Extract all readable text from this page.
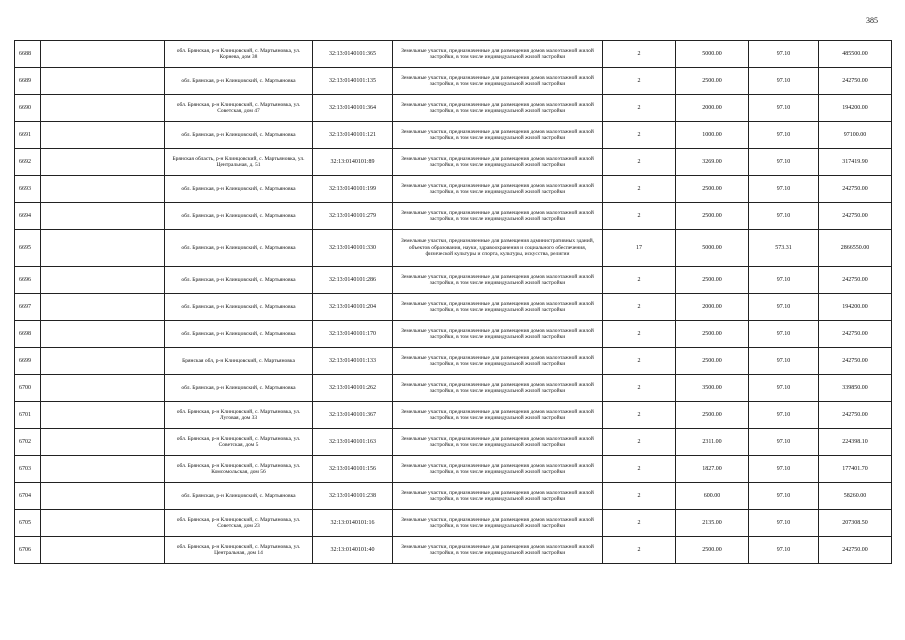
385
6688		обл. Брянская, р-н Клинцовский, с. Мартьяновка, ул. Корнева, дом 38	32:13:0140101:365	Земельные участки, предназначенные для размещения домов малоэтажной жилой застройки, в том числе индивидуальной жилой застройки	2	5000.00	97.10	485500.00
6689		обл. Брянская, р-н Клинцовский, с. Мартьяновка	32:13:0140101:135	Земельные участки, предназначенные для размещения домов малоэтажной жилой застройки, в том числе индивидуальной жилой застройки	2	2500.00	97.10	242750.00
6690		обл. Брянская, р-н Клинцовский, с. Мартьяновка, ул. Советская, дом 47	32:13:0140101:364	Земельные участки, предназначенные для размещения домов малоэтажной жилой застройки, в том числе индивидуальной жилой застройки	2	2000.00	97.10	194200.00
6691		обл. Брянская, р-н Клинцовский, с. Мартьяновка	32:13:0140101:121	Земельные участки, предназначенные для размещения домов малоэтажной жилой застройки, в том числе индивидуальной жилой застройки	2	1000.00	97.10	97100.00
6692		Брянская область, р-н Клинцовский, с. Мартьяновка, ул. Центральная, д. 51	32:13:0140101:89	Земельные участки, предназначенные для размещения домов малоэтажной жилой застройки, в том числе индивидуальной жилой застройки	2	3269.00	97.10	317419.90
6693		обл. Брянская, р-н Клинцовский, с. Мартьяновка	32:13:0140101:199	Земельные участки, предназначенные для размещения домов малоэтажной жилой застройки, в том числе индивидуальной жилой застройки	2	2500.00	97.10	242750.00
6694		обл. Брянская, р-н Клинцовский, с. Мартьяновка	32:13:0140101:279	Земельные участки, предназначенные для размещения домов малоэтажной жилой застройки, в том числе индивидуальной жилой застройки	2	2500.00	97.10	242750.00
6695		обл. Брянская, р-н Клинцовский, с. Мартьяновка	32:13:0140101:330	Земельные участки, предназначенные для размещения административных зданий, объектов образования, науки, здравоохранения и социального обеспечения, физической культуры и спорта, культуры, искусства, религии	17	5000.00	573.31	2866550.00
6696		обл. Брянская, р-н Клинцовский, с. Мартьяновка	32:13:0140101:286	Земельные участки, предназначенные для размещения домов малоэтажной жилой застройки, в том числе индивидуальной жилой застройки	2	2500.00	97.10	242750.00
6697		обл. Брянская, р-н Клинцовский, с. Мартьяновка	32:13:0140101:204	Земельные участки, предназначенные для размещения домов малоэтажной жилой застройки, в том числе индивидуальной жилой застройки	2	2000.00	97.10	194200.00
6698		обл. Брянская, р-н Клинцовский, с. Мартьяновка	32:13:0140101:170	Земельные участки, предназначенные для размещения домов малоэтажной жилой застройки, в том числе индивидуальной жилой застройки	2	2500.00	97.10	242750.00
6699		Брянская обл, р-н Клинцовский, с. Мартьяновка	32:13:0140101:133	Земельные участки, предназначенные для размещения домов малоэтажной жилой застройки, в том числе индивидуальной жилой застройки	2	2500.00	97.10	242750.00
6700		обл. Брянская, р-н Клинцовский, с. Мартьяновка	32:13:0140101:262	Земельные участки, предназначенные для размещения домов малоэтажной жилой застройки, в том числе индивидуальной жилой застройки	2	3500.00	97.10	339850.00
6701		обл. Брянская, р-н Клинцовский, с. Мартьяновка, ул. Луговая, дом 33	32:13:0140101:367	Земельные участки, предназначенные для размещения домов малоэтажной жилой застройки, в том числе индивидуальной жилой застройки	2	2500.00	97.10	242750.00
6702		обл. Брянская, р-н Клинцовский, с. Мартьяновка, ул. Советская, дом 5	32:13:0140101:163	Земельные участки, предназначенные для размещения домов малоэтажной жилой застройки, в том числе индивидуальной жилой застройки	2	2311.00	97.10	224398.10
6703		обл. Брянская, р-н Клинцовский, с. Мартьяновка, ул. Комсомольская, дом 56	32:13:0140101:156	Земельные участки, предназначенные для размещения домов малоэтажной жилой застройки, в том числе индивидуальной жилой застройки	2	1827.00	97.10	177401.70
6704		обл. Брянская, р-н Клинцовский, с. Мартьяновка	32:13:0140101:238	Земельные участки, предназначенные для размещения домов малоэтажной жилой застройки, в том числе индивидуальной жилой застройки	2	600.00	97.10	58260.00
6705		обл. Брянская, р-н Клинцовский, с. Мартьяновка, ул. Советская, дом 23	32:13:0140101:16	Земельные участки, предназначенные для размещения домов малоэтажной жилой застройки, в том числе индивидуальной жилой застройки	2	2135.00	97.10	207308.50
6706		обл. Брянская, р-н Клинцовский, с. Мартьяновка, ул. Центральная, дом 14	32:13:0140101:40	Земельные участки, предназначенные для размещения домов малоэтажной жилой застройки, в том числе индивидуальной жилой застройки	2	2500.00	97.10	242750.00
